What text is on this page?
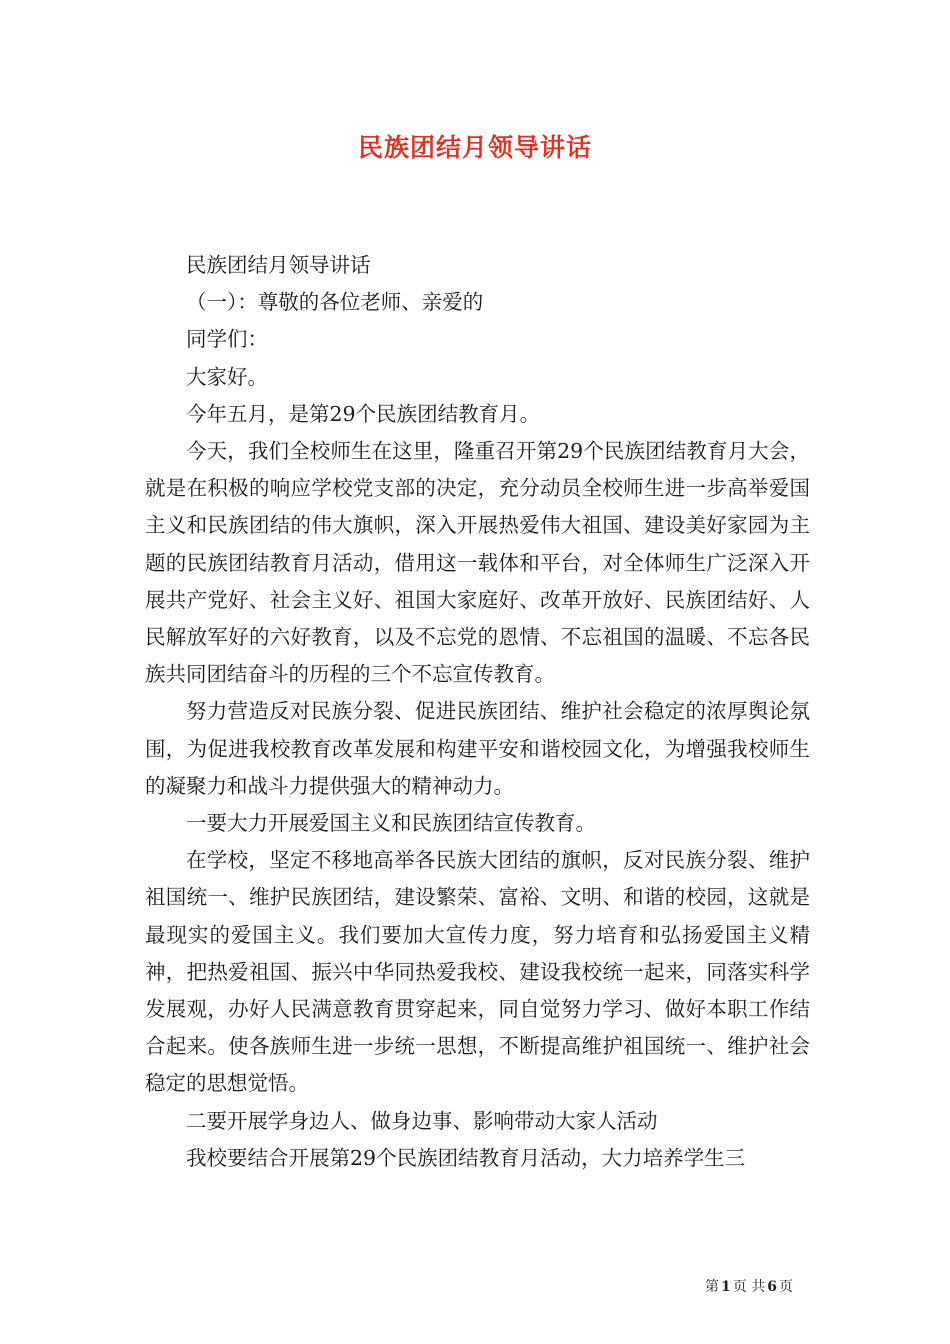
民族团结月领导讲话

民族团结月领导讲话

（一）：尊敬的各位老师、亲爱的

同学们：

大家好。

今年五月，是第29个民族团结教育月。

今天，我们全校师生在这里，隆重召开第29个民族团结教育月大会，就是在积极的响应学校党支部的决定，充分动员全校师生进一步高举爱国主义和民族团结的伟大旗帜，深入开展热爱伟大祖国、建设美好家园为主题的民族团结教育月活动，借用这一载体和平台，对全体师生广泛深入开展共产党好、社会主义好、祖国大家庭好、改革开放好、民族团结好、人民解放军好的六好教育，以及不忘党的恩情、不忘祖国的温暖、不忘各民族共同团结奋斗的历程的三个不忘宣传教育。

努力营造反对民族分裂、促进民族团结、维护社会稳定的浓厚舆论氛围，为促进我校教育改革发展和构建平安和谐校园文化，为增强我校师生的凝聚力和战斗力提供强大的精神动力。

一要大力开展爱国主义和民族团结宣传教育。

在学校，坚定不移地高举各民族大团结的旗帜，反对民族分裂、维护祖国统一、维护民族团结，建设繁荣、富裕、文明、和谐的校园，这就是最现实的爱国主义。我们要加大宣传力度，努力培育和弘扬爱国主义精神，把热爱祖国、振兴中华同热爱我校、建设我校统一起来，同落实科学发展观，办好人民满意教育贯穿起来，同自觉努力学习、做好本职工作结合起来。使各族师生进一步统一思想，不断提高维护祖国统一、维护社会稳定的思想觉悟。

二要开展学身边人、做身边事、影响带动大家人活动

我校要结合开展第29个民族团结教育月活动，大力培养学生三

第 1 页 共 6 页
